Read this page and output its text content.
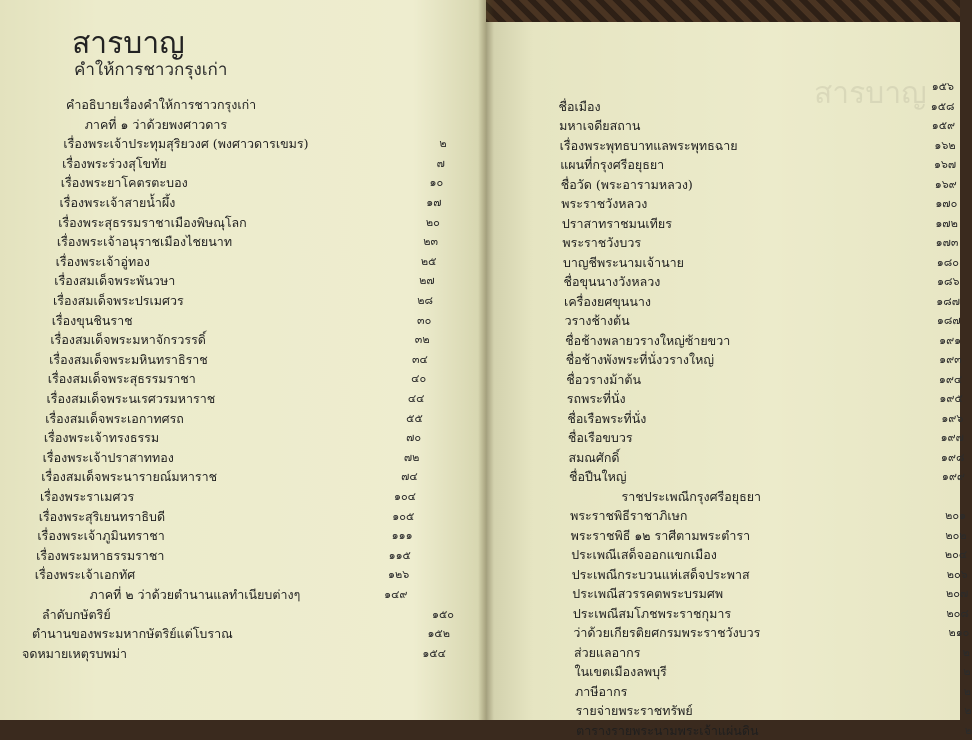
สารบาญ
คำให้การชาวกรุงเก่า
คำอธิบายเรื่องคำให้การชาวกรุงเก่า
ภาคที่ ๑ ว่าด้วยพงศาวดาร
เรื่องพระเจ้าประทุมสุริยวงศ (พงศาวดารเขมร)	๒
เรื่องพระร่วงสุโขทัย	๗
เรื่องพระยาโคตรตะบอง	๑๐
เรื่องพระเจ้าสายน้ำผึ้ง	๑๗
เรื่องพระสุธรรมราชาเมืองพิษณุโลก	๒๐
เรื่องพระเจ้าอนุราชเมืองไชยนาท	๒๓
เรื่องพระเจ้าอู่ทอง	๒๕
เรื่องสมเด็จพระพันวษา	๒๗
เรื่องสมเด็จพระปรเมศวร	๒๘
เรื่องขุนชินราช	๓๐
เรื่องสมเด็จพระมหาจักรวรรดิ์	๓๒
เรื่องสมเด็จพระมหินทราธิราช	๓๔
เรื่องสมเด็จพระสุธรรมราชา	๔๐
เรื่องสมเด็จพระนเรศวรมหาราช	๔๔
เรื่องสมเด็จพระเอกาทศรถ	๕๕
เรื่องพระเจ้าทรงธรรม	๗๐
เรื่องพระเจ้าปราสาททอง	๗๒
เรื่องสมเด็จพระนารายณ์มหาราช	๗๔
เรื่องพระราเมศวร	๑๐๔
เรื่องพระสุริเยนทราธิบดี	๑๐๕
เรื่องพระเจ้าภูมินทราชา	๑๑๑
เรื่องพระมหาธรรมราชา	๑๑๕
เรื่องพระเจ้าเอกทัศ	๑๒๖
ภาคที่ ๒ ว่าด้วยตำนานแลทำเนียบต่างๆ	๑๔๙
ลำดับกษัตริย์	๑๕๐
ตำนานของพระมหากษัตริย์แต่โบราณ	๑๕๒
จดหมายเหตุรบพม่า	๑๕๔
สารบาญ ๑๕๖
ชื่อเมือง	๑๕๘
มหาเจดียสถาน	๑๕๙
เรื่องพระพุทธบาทแลพระพุทธฉาย	๑๖๒
แผนที่กรุงศรีอยุธยา	๑๖๗
ชื่อวัด (พระอารามหลวง)	๑๖๙
พระราชวังหลวง	๑๗๐
ปราสาทราชมนเทียร	๑๗๒
พระราชวังบวร	๑๗๓
บาญชีพระนามเจ้านาย	๑๘๐
ชื่อขุนนางวังหลวง	๑๘๖
เครื่องยศขุนนาง	๑๘๗
วรางช้างต้น	๑๘๗
ชื่อช้างพลายวรางใหญ่ซ้ายขวา	๑๙๑
ชื่อช้างพังพระที่นั่งวรางใหญ่	๑๙๓
ชื่อวรางม้าต้น	๑๙๔
รถพระที่นั่ง	๑๙๕
ชื่อเรือพระที่นั่ง	๑๙๖
ชื่อเรือขบวร	๑๙๗
สมณศักดิ์	๑๙๘
ชื่อปืนใหญ่	๑๙๙
ราชประเพณีกรุงศรีอยุธยา
พระราชพิธีราชาภิเษก	๒๐๑
พระราชพิธี ๑๒ ราศีตามพระตำรา	๒๐๒
ประเพณีเสด็จออกแขกเมือง	๒๐๔
ประเพณีกระบวนแห่เสด็จประพาส	๒๐๖
ประเพณีสวรรคตพระบรมศพ	๒๐๗
ประเพณีสมโภชพระราชกุมาร	๒๐๘
ว่าด้วยเกียรติยศกรมพระราชวังบวร	๒๑๐
ส่วยแลอากร	๒
ในเขตเมืองลพบุรี	๒
ภาษีอากร	๒
รายจ่ายพระราชทรัพย์	๒
ตารางรายพระนามพระเจ้าแผ่นดิน	๒
